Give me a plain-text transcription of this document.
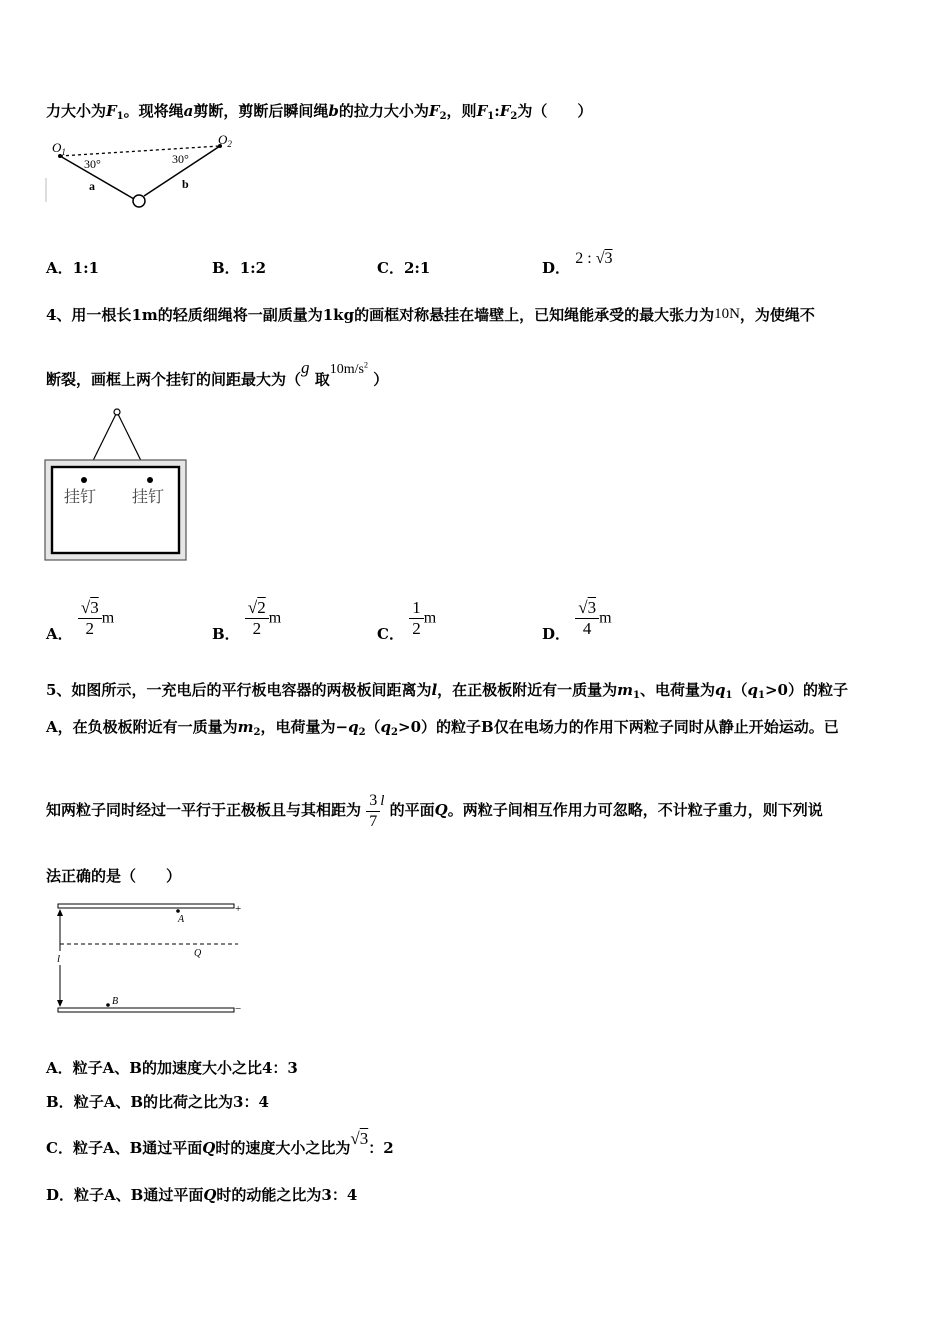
力大小为$F_1$。现将绳a剪断，剪断后瞬间绳b的拉力大小为$F_2$，则$F_1:F_2$为（　　）
$O_1$
$O_2$
30°	30°
a	b
A．1:1	B．1:2	C．2:1	D． 2 : √3
4、用一根长1m的轻质细绳将一副质量为1kg的画框对称悬挂在墙壁上，已知绳能承受的最大张力为10N，为使绳不
断裂，画框上两个挂钉的间距最大为（g 取$10m/s^2$ ）
挂钉 挂钉
A． $\frac{√3}{2}$ m
B． $\frac{√2}{2}$ m
C． $\frac{1}{2}$ m
D． $\frac{√3}{4}$ m
5、如图所示，一充电后的平行板电容器的两极板间距离为l，在正极板附近有一质量为$m_1$、电荷量为$q_1(q_1>0)$的粒子
A，在负极板附近有一质量为$m_2$，电荷量为$-q_2(q_2>0)$的粒子B仅在电场力的作用下两粒子同时从静止开始运动。已
知两粒子同时经过一平行于正极板且与其相距为 $\frac{3}{7}$ l 的平面Q。两粒子间相互作用力可忽略，不计粒子重力，则下列说
法正确的是（　　）
l
+
−
A
Q
B
A．粒子A、B的加速度大小之比4：3
B．粒子A、B的比荷之比为3：4
C．粒子A、B通过平面Q时的速度大小之比为√3：2
D．粒子A、B通过平面Q时的动能之比为3：4
